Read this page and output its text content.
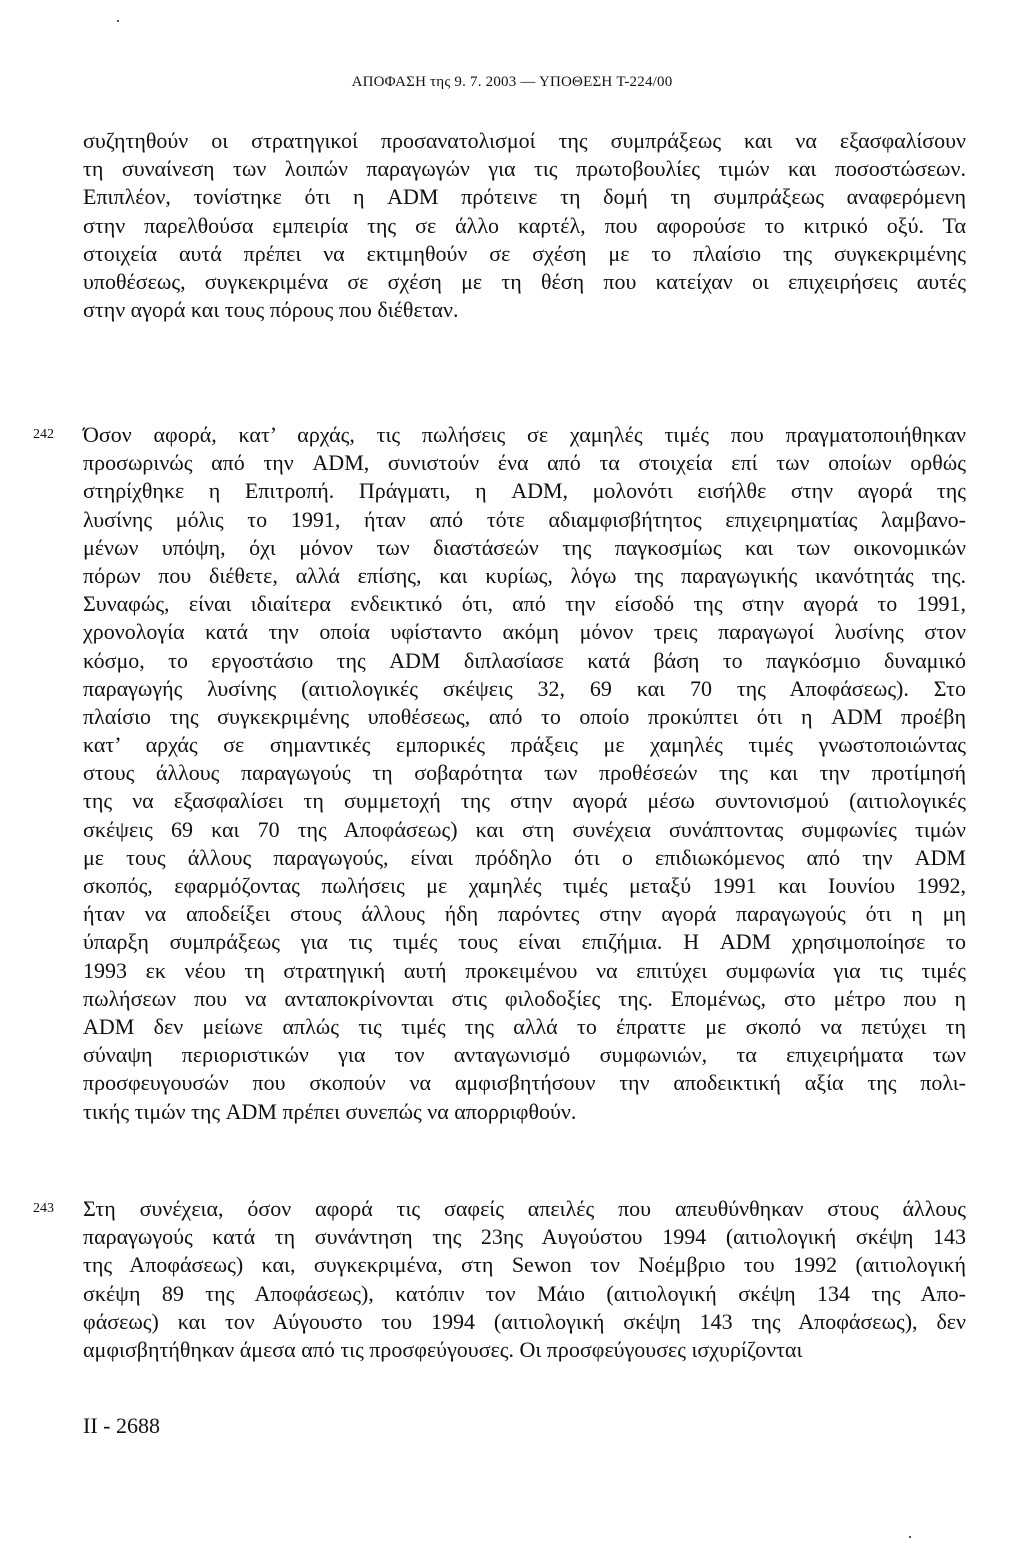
ΑΠΟΦΑΣΗ της 9. 7. 2003 — ΥΠΟΘΕΣΗ T-224/00
συζητηθούν οι στρατηγικοί προσανατολισμοί της συμπράξεως και να εξασφαλίσουν
τη συναίνεση των λοιπών παραγωγών για τις πρωτοβουλίες τιμών και ποσοστώσεων.
Επιπλέον, τονίστηκε ότι η ADM πρότεινε τη δομή τη συμπράξεως αναφερόμενη
στην παρελθούσα εμπειρία της σε άλλο καρτέλ, που αφορούσε το κιτρικό οξύ. Τα
στοιχεία αυτά πρέπει να εκτιμηθούν σε σχέση με το πλαίσιο της συγκεκριμένης
υποθέσεως, συγκεκριμένα σε σχέση με τη θέση που κατείχαν οι επιχειρήσεις αυτές
στην αγορά και τους πόρους που διέθεταν.
242 Όσον αφορά, κατ’ αρχάς, τις πωλήσεις σε χαμηλές τιμές που πραγματοποιήθηκαν
προσωρινώς από την ADM, συνιστούν ένα από τα στοιχεία επί των οποίων ορθώς
στηρίχθηκε η Επιτροπή. Πράγματι, η ADM, μολονότι εισήλθε στην αγορά της
λυσίνης μόλις το 1991, ήταν από τότε αδιαμφισβήτητος επιχειρηματίας λαμβανο-
μένων υπόψη, όχι μόνον των διαστάσεών της παγκοσμίως και των οικονομικών
πόρων που διέθετε, αλλά επίσης, και κυρίως, λόγω της παραγωγικής ικανότητάς της.
Συναφώς, είναι ιδιαίτερα ενδεικτικό ότι, από την είσοδό της στην αγορά το 1991,
χρονολογία κατά την οποία υφίσταντο ακόμη μόνον τρεις παραγωγοί λυσίνης στον
κόσμο, το εργοστάσιο της ADM διπλασίασε κατά βάση το παγκόσμιο δυναμικό
παραγωγής λυσίνης (αιτιολογικές σκέψεις 32, 69 και 70 της Αποφάσεως). Στο
πλαίσιο της συγκεκριμένης υποθέσεως, από το οποίο προκύπτει ότι η ADM προέβη
κατ’ αρχάς σε σημαντικές εμπορικές πράξεις με χαμηλές τιμές γνωστοποιώντας
στους άλλους παραγωγούς τη σοβαρότητα των προθέσεών της και την προτίμησή
της να εξασφαλίσει τη συμμετοχή της στην αγορά μέσω συντονισμού (αιτιολογικές
σκέψεις 69 και 70 της Αποφάσεως) και στη συνέχεια συνάπτοντας συμφωνίες τιμών
με τους άλλους παραγωγούς, είναι πρόδηλο ότι ο επιδιωκόμενος από την ADM
σκοπός, εφαρμόζοντας πωλήσεις με χαμηλές τιμές μεταξύ 1991 και Ιουνίου 1992,
ήταν να αποδείξει στους άλλους ήδη παρόντες στην αγορά παραγωγούς ότι η μη
ύπαρξη συμπράξεως για τις τιμές τους είναι επιζήμια. Η ADM χρησιμοποίησε το
1993 εκ νέου τη στρατηγική αυτή προκειμένου να επιτύχει συμφωνία για τις τιμές
πωλήσεων που να ανταποκρίνονται στις φιλοδοξίες της. Επομένως, στο μέτρο που η
ADM δεν μείωνε απλώς τις τιμές της αλλά το έπραττε με σκοπό να πετύχει τη
σύναψη περιοριστικών για τον ανταγωνισμό συμφωνιών, τα επιχειρήματα των
προσφευγουσών που σκοπούν να αμφισβητήσουν την αποδεικτική αξία της πολι-
τικής τιμών της ADM πρέπει συνεπώς να απορριφθούν.
243 Στη συνέχεια, όσον αφορά τις σαφείς απειλές που απευθύνθηκαν στους άλλους
παραγωγούς κατά τη συνάντηση της 23ης Αυγούστου 1994 (αιτιολογική σκέψη 143
της Αποφάσεως) και, συγκεκριμένα, στη Sewon τον Νοέμβριο του 1992 (αιτιολογική
σκέψη 89 της Αποφάσεως), κατόπιν τον Μάιο (αιτιολογική σκέψη 134 της Απο-
φάσεως) και τον Αύγουστο του 1994 (αιτιολογική σκέψη 143 της Αποφάσεως), δεν
αμφισβητήθηκαν άμεσα από τις προσφεύγουσες. Οι προσφεύγουσες ισχυρίζονται
II - 2688
